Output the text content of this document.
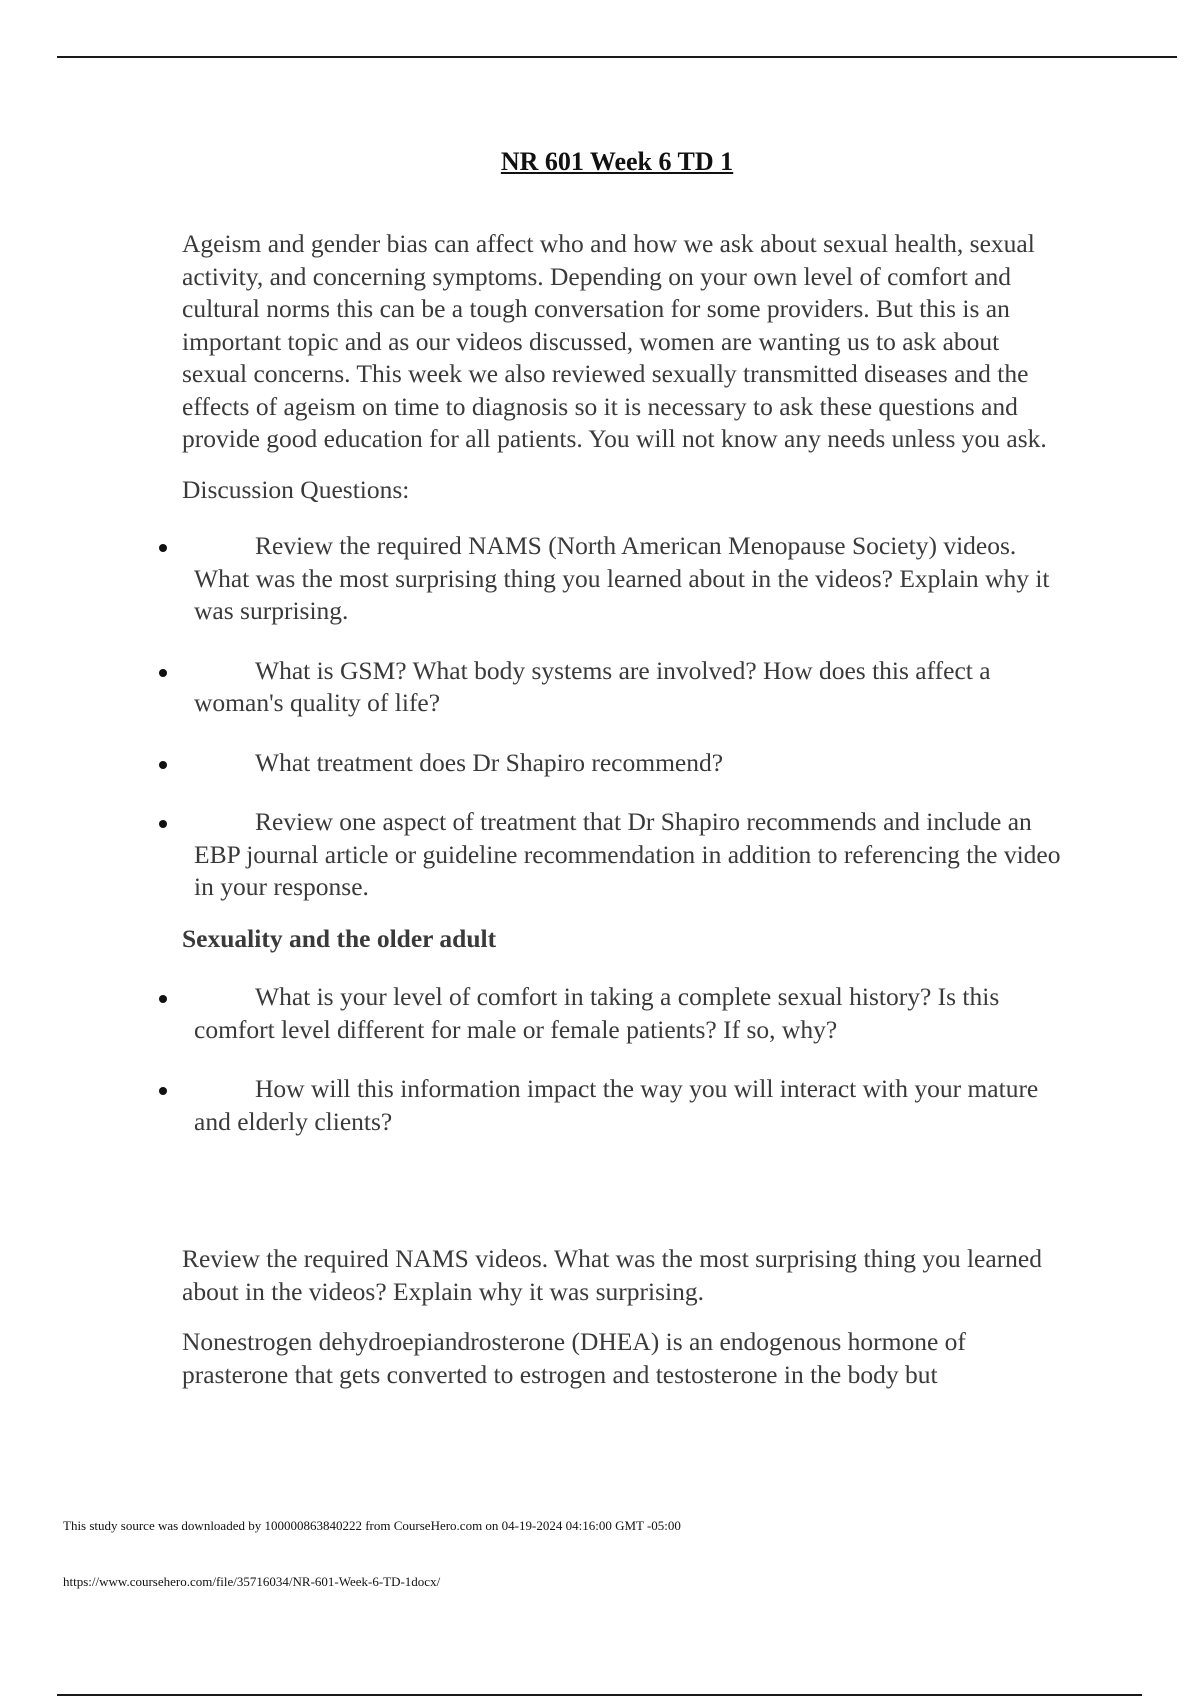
NR 601 Week 6 TD 1

Ageism and gender bias can affect who and how we ask about sexual health, sexual activity, and concerning symptoms. Depending on your own level of comfort and cultural norms this can be a tough conversation for some providers. But this is an important topic and as our videos discussed, women are wanting us to ask about sexual concerns. This week we also reviewed sexually transmitted diseases and the effects of ageism on time to diagnosis so it is necessary to ask these questions and provide good education for all patients. You will not know any needs unless you ask.

Discussion Questions:

Review the required NAMS (North American Menopause Society) videos. What was the most surprising thing you learned about in the videos? Explain why it was surprising.
What is GSM? What body systems are involved? How does this affect a woman's quality of life?
What treatment does Dr Shapiro recommend?
Review one aspect of treatment that Dr Shapiro recommends and include an EBP journal article or guideline recommendation in addition to referencing the video in your response.

Sexuality and the older adult

What is your level of comfort in taking a complete sexual history? Is this comfort level different for male or female patients? If so, why?
How will this information impact the way you will interact with your mature and elderly clients?

Review the required NAMS videos. What was the most surprising thing you learned about in the videos? Explain why it was surprising.

Nonestrogen dehydroepiandrosterone (DHEA) is an endogenous hormone of prasterone that gets converted to estrogen and testosterone in the body but

This study source was downloaded by 100000863840222 from CourseHero.com on 04-19-2024 04:16:00 GMT -05:00
https://www.coursehero.com/file/35716034/NR-601-Week-6-TD-1docx/
